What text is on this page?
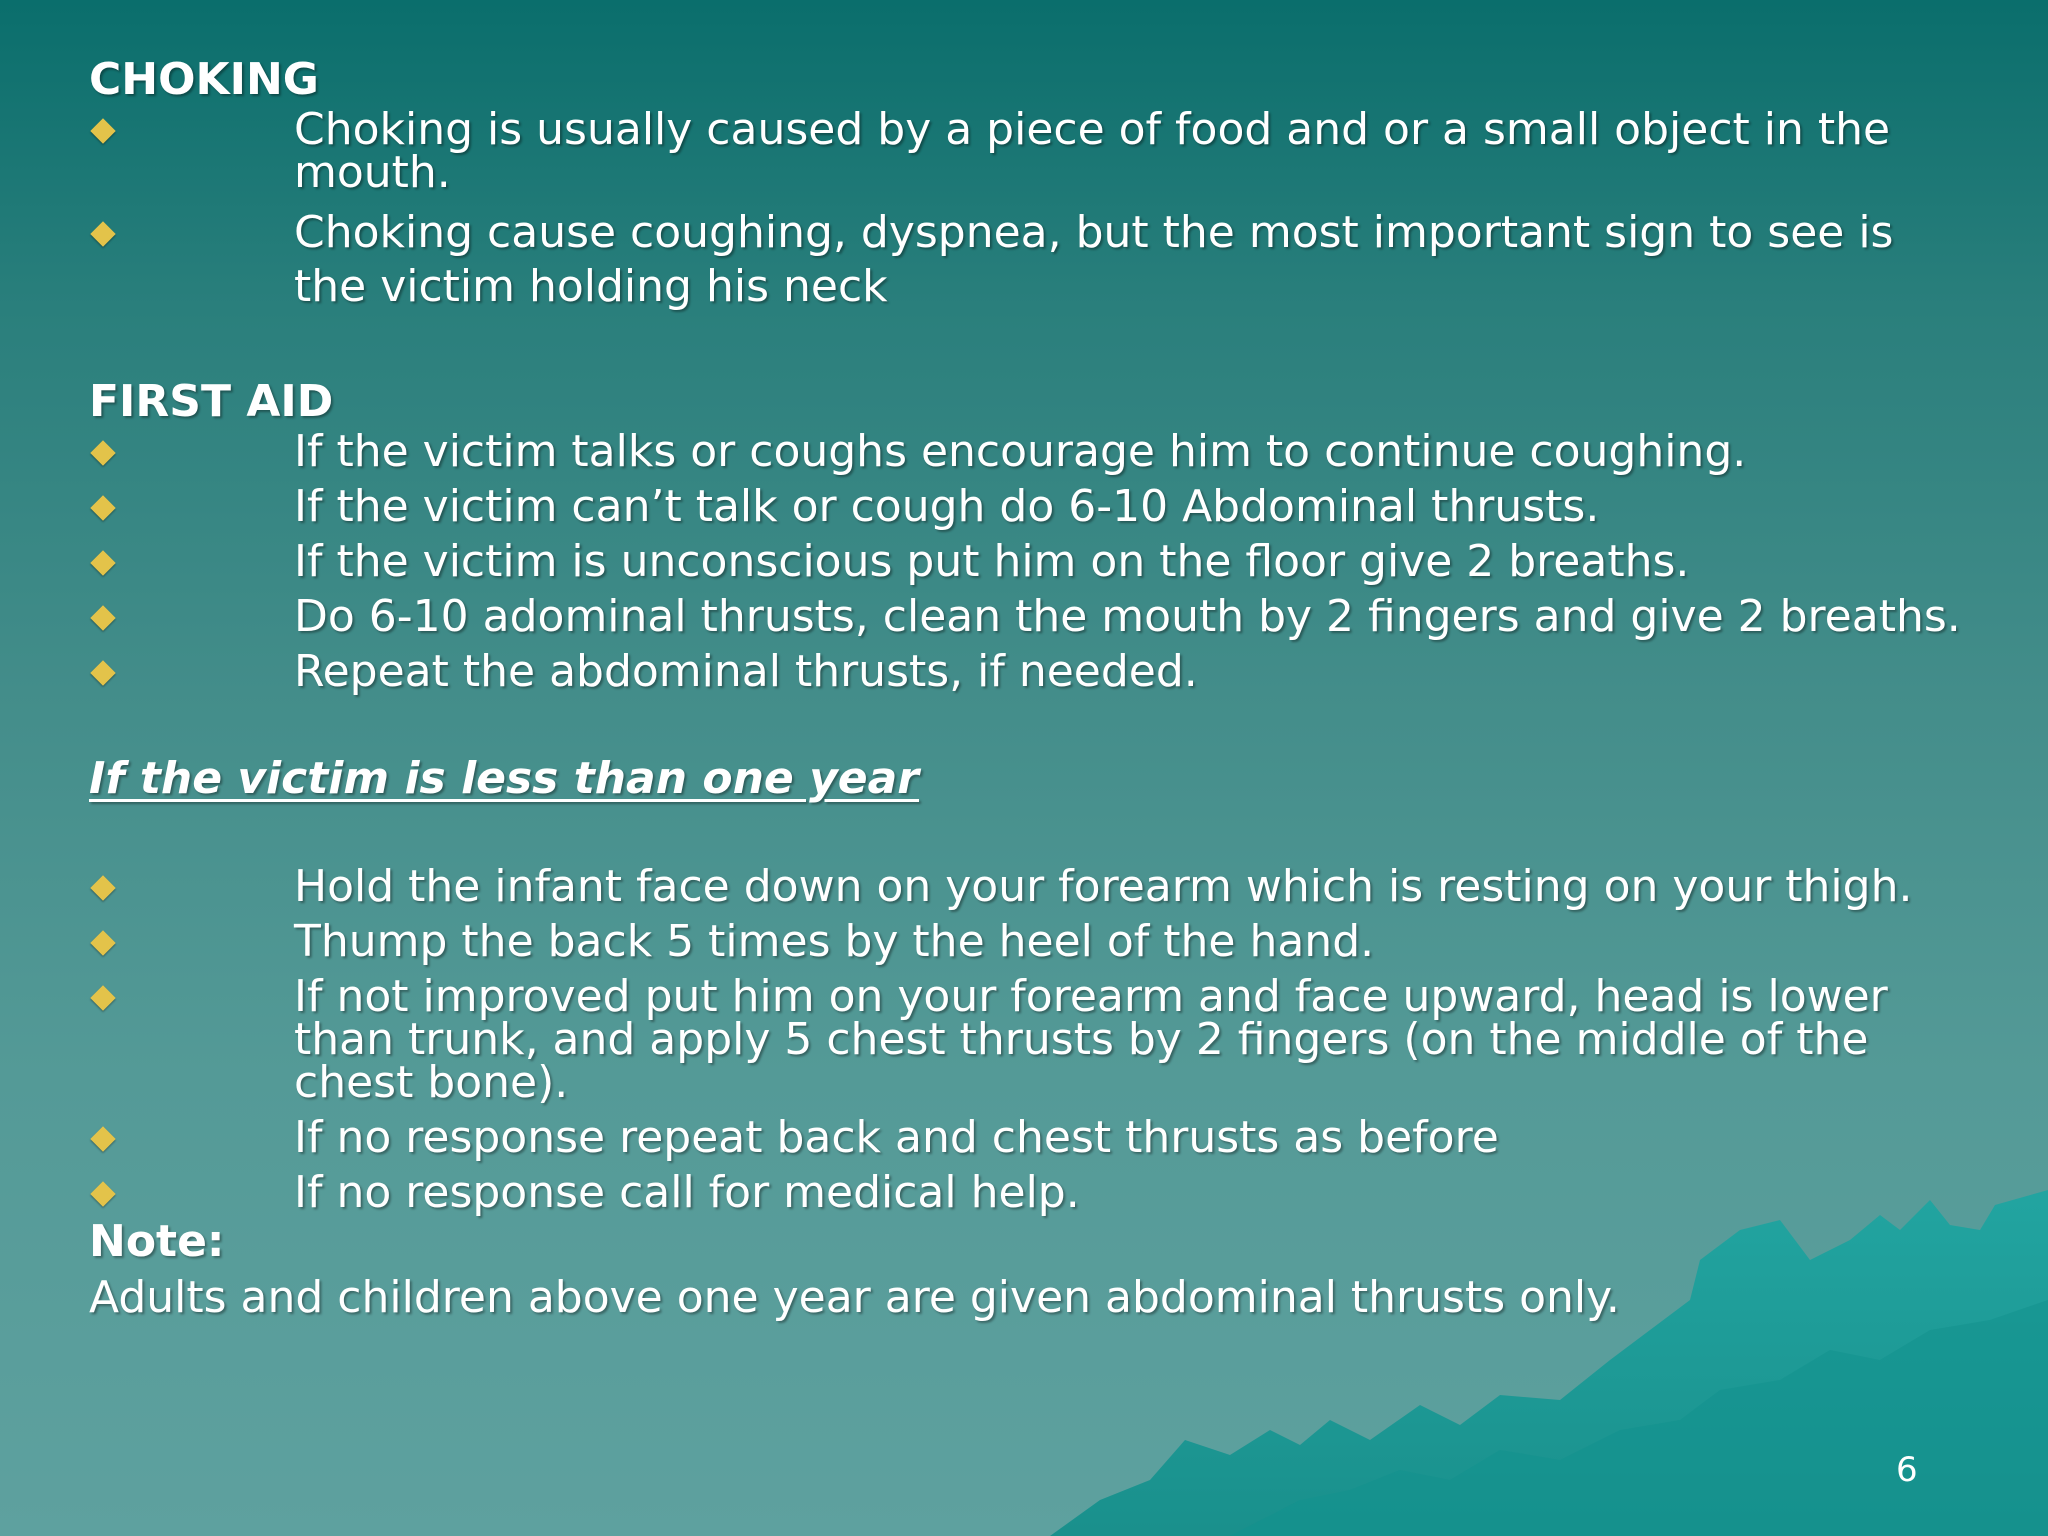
CHOKING

Choking is usually caused by a piece of food and or a small object in the mouth.
Choking cause coughing, dyspnea, but the most important sign to see is the victim holding his neck

FIRST AID

If the victim talks or coughs encourage him to continue coughing.
If the victim can’t talk or cough do 6-10 Abdominal thrusts.
If the victim is unconscious put him on the floor give 2 breaths.
Do 6-10 adominal thrusts, clean the mouth by 2 fingers and give 2 breaths.
Repeat the abdominal thrusts, if needed.

If the victim is less than one year

Hold the infant face down on your forearm which is resting on your thigh.
Thump the back 5 times by the heel of the hand.
If not improved put him on your forearm and face upward, head is lower than trunk, and apply 5 chest thrusts by 2 fingers (on the middle of the chest bone).
If no response repeat back and chest thrusts as before
If no response call for medical help.

Note:

Adults and children above one year are given abdominal thrusts only.

6
